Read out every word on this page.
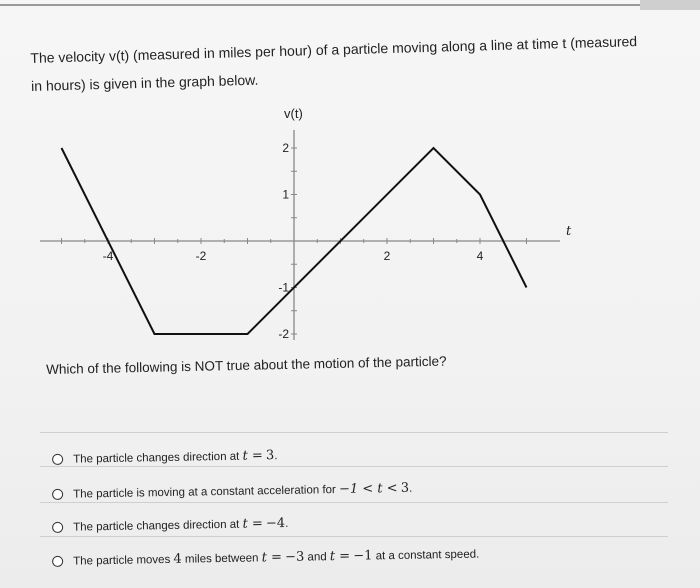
The velocity v(t) (measured in miles per hour) of a particle moving along a line at time t (measured

in hours) is given in the graph below.

v(t)
t
-4	-2	2	4
2
1
-1
-2
Which of the following is NOT true about the motion of the particle?
The particle changes direction at t = 3.
The particle is moving at a constant acceleration for −1 < t < 3.
The particle changes direction at t = −4.
The particle moves 4 miles between t = −3 and t = −1 at a constant speed.
